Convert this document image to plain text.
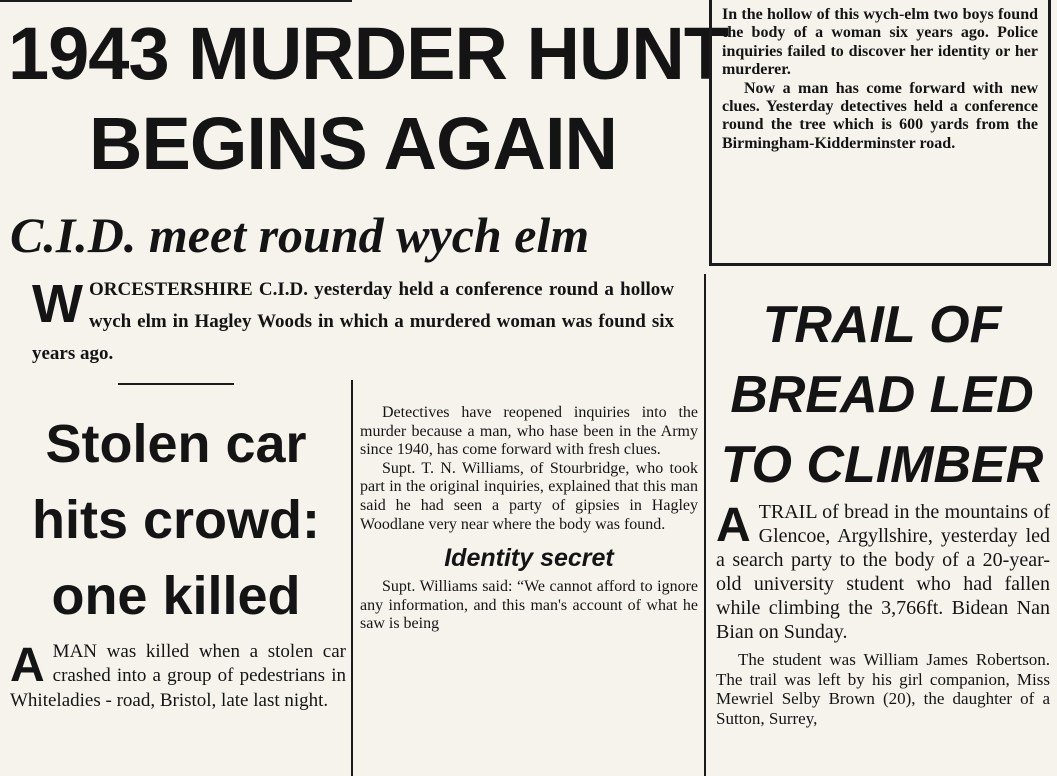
1943 MURDER HUNT
BEGINS AGAIN
C.I.D. meet round wych elm

In the hollow of this wych-elm two boys found the body of a woman six years ago. Police inquiries failed to discover her identity or her murderer.

Now a man has come forward with new clues. Yesterday detectives held a conference round the tree which is 600 yards from the Birmingham-Kidderminster road.

W ORCESTERSHIRE C.I.D. yesterday held a conference round a hollow wych elm in Hagley Woods in which a murdered woman was found six years ago.
Stolen car
hits crowd:
one killed
A MAN was killed when a stolen car crashed into a group of pedestrians in Whiteladies - road, Bristol, late last night.

Detectives have reopened inquiries into the murder because a man, who hase been in the Army since 1940, has come forward with fresh clues.

Supt. T. N. Williams, of Stourbridge, who took part in the original inquiries, explained that this man said he had seen a party of gipsies in Hagley Woodlane very near where the body was found.

Identity secret

Supt. Williams said: “We cannot afford to ignore any information, and this man's account of what he saw is being

TRAIL OF
BREAD LED
TO CLIMBER

ATRAIL of bread in the mountains of Glencoe, Argyllshire, yesterday led a search party to the body of a 20-year-old university student who had fallen while climbing the 3,766ft. Bidean Nan Bian on Sunday.

The student was William James Robertson. The trail was left by his girl companion, Miss Mewriel Selby Brown (20), the daughter of a Sutton, Surrey,
